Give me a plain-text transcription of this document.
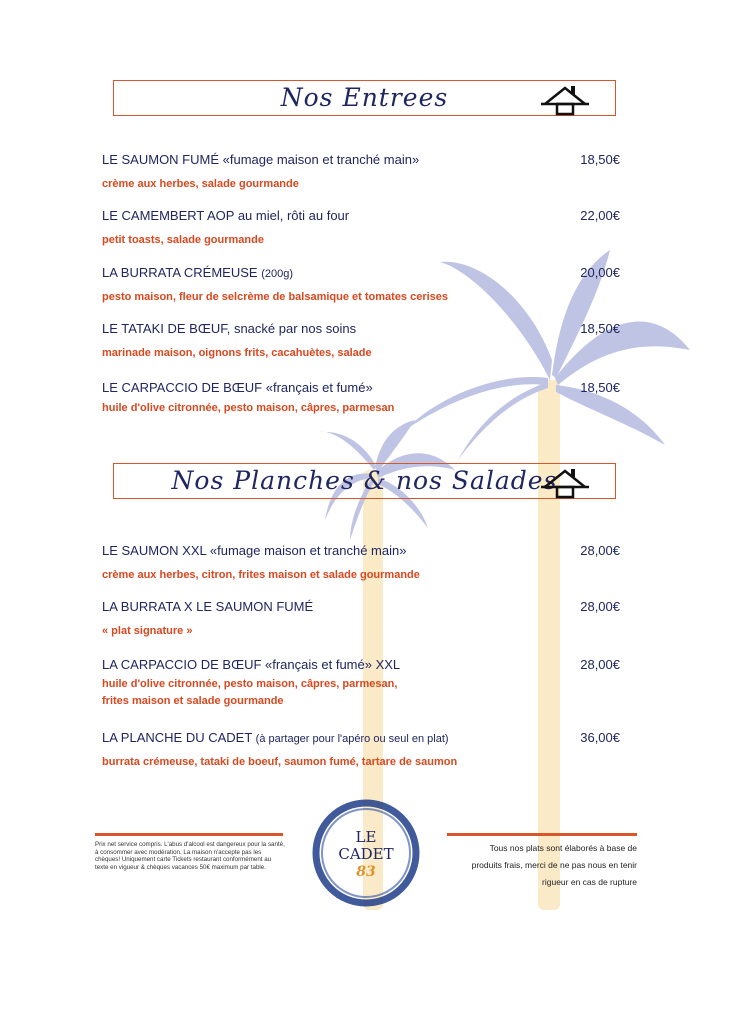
Nos Entrees
LE SAUMON FUMÉ «fumage maison et tranché main»	18,50€
crème aux herbes, salade gourmande
LE CAMEMBERT AOP au miel, rôti au four	22,00€
petit toasts, salade gourmande
LA BURRATA CRÉMEUSE (200g)	20,00€
pesto maison, fleur de selcrème de balsamique et tomates cerises
LE TATAKI DE BŒUF, snacké par nos soins	18,50€
marinade maison, oignons frits, cacahuètes, salade
LE CARPACCIO DE BŒUF «français et fumé»	18,50€
huile d'olive citronnée, pesto maison, câpres, parmesan
Nos Planches & nos Salades
LE SAUMON XXL «fumage maison et tranché main»	28,00€
crème aux herbes, citron, frites maison et salade gourmande
LA BURRATA X LE SAUMON FUMÉ	28,00€
« plat signature »
LA CARPACCIO DE BŒUF «français et fumé» XXL	28,00€
huile d'olive citronnée, pesto maison, câpres, parmesan,
frites maison et salade gourmande
LA PLANCHE DU CADET (à partager pour l'apéro ou seul en plat)	36,00€
burrata crémeuse, tataki de boeuf, saumon fumé, tartare de saumon
Prix net service compris. L'abus d'alcool est dangereux pour la santé, à consommer avec modération. La maison n'accepte pas les chèques! Uniquement carte Tickets restaurant conformément au texte en vigueur & chèques vacances 50€ maximum par table.
LE
CADET
83
Tous nos plats sont élaborés à base de
produits frais, merci de ne pas nous en tenir
rigueur en cas de rupture
